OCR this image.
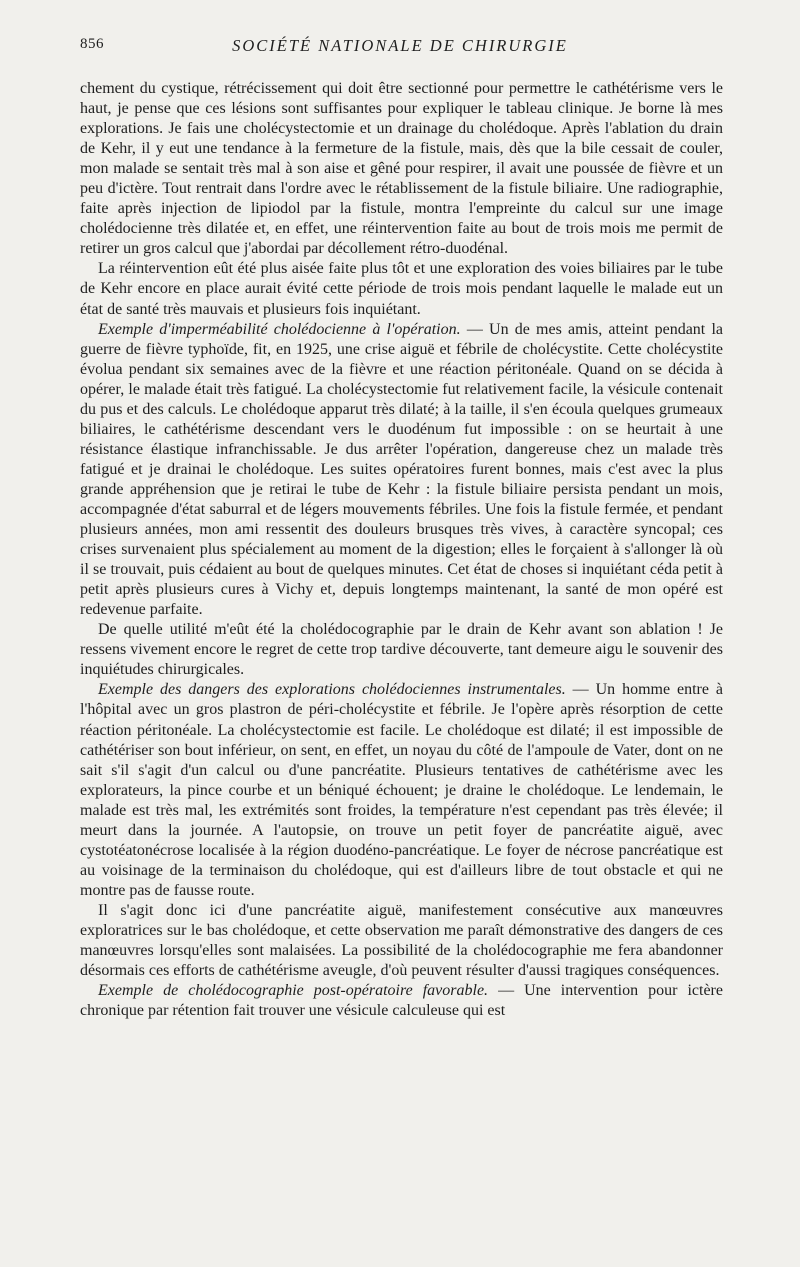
856	SOCIÉTÉ NATIONALE DE CHIRURGIE

chement du cystique, rétrécissement qui doit être sectionné pour permettre le cathétérisme vers le haut, je pense que ces lésions sont suffisantes pour expliquer le tableau clinique. Je borne là mes explorations. Je fais une cholécystectomie et un drainage du cholédoque. Après l'ablation du drain de Kehr, il y eut une tendance à la fermeture de la fistule, mais, dès que la bile cessait de couler, mon malade se sentait très mal à son aise et gêné pour respirer, il avait une poussée de fièvre et un peu d'ictère. Tout rentrait dans l'ordre avec le rétablissement de la fistule biliaire. Une radiographie, faite après injection de lipiodol par la fistule, montra l'empreinte du calcul sur une image cholédocienne très dilatée et, en effet, une réintervention faite au bout de trois mois me permit de retirer un gros calcul que j'abordai par décollement rétro-duodénal.

La réintervention eût été plus aisée faite plus tôt et une exploration des voies biliaires par le tube de Kehr encore en place aurait évité cette période de trois mois pendant laquelle le malade eut un état de santé très mauvais et plusieurs fois inquiétant.

Exemple d'imperméabilité cholédocienne à l'opération. — Un de mes amis, atteint pendant la guerre de fièvre typhoïde, fit, en 1925, une crise aiguë et fébrile de cholécystite. Cette cholécystite évolua pendant six semaines avec de la fièvre et une réaction péritonéale. Quand on se décida à opérer, le malade était très fatigué. La cholécystectomie fut relativement facile, la vésicule contenait du pus et des calculs. Le cholédoque apparut très dilaté; à la taille, il s'en écoula quelques grumeaux biliaires, le cathétérisme descendant vers le duodénum fut impossible : on se heurtait à une résistance élastique infranchissable. Je dus arrêter l'opération, dangereuse chez un malade très fatigué et je drainai le cholédoque. Les suites opératoires furent bonnes, mais c'est avec la plus grande appréhension que je retirai le tube de Kehr : la fistule biliaire persista pendant un mois, accompagnée d'état saburral et de légers mouvements fébriles. Une fois la fistule fermée, et pendant plusieurs années, mon ami ressentit des douleurs brusques très vives, à caractère syncopal; ces crises survenaient plus spécialement au moment de la digestion; elles le forçaient à s'allonger là où il se trouvait, puis cédaient au bout de quelques minutes. Cet état de choses si inquiétant céda petit à petit après plusieurs cures à Vichy et, depuis longtemps maintenant, la santé de mon opéré est redevenue parfaite.

De quelle utilité m'eût été la cholédocographie par le drain de Kehr avant son ablation ! Je ressens vivement encore le regret de cette trop tardive découverte, tant demeure aigu le souvenir des inquiétudes chirurgicales.

Exemple des dangers des explorations cholédociennes instrumentales. — Un homme entre à l'hôpital avec un gros plastron de péri-cholécystite et fébrile. Je l'opère après résorption de cette réaction péritonéale. La cholécystectomie est facile. Le cholédoque est dilaté; il est impossible de cathétériser son bout inférieur, on sent, en effet, un noyau du côté de l'ampoule de Vater, dont on ne sait s'il s'agit d'un calcul ou d'une pancréatite. Plusieurs tentatives de cathétérisme avec les explorateurs, la pince courbe et un béniqué échouent; je draine le cholédoque. Le lendemain, le malade est très mal, les extrémités sont froides, la température n'est cependant pas très élevée; il meurt dans la journée. A l'autopsie, on trouve un petit foyer de pancréatite aiguë, avec cystotéatonécrose localisée à la région duodéno-pancréatique. Le foyer de nécrose pancréatique est au voisinage de la terminaison du cholédoque, qui est d'ailleurs libre de tout obstacle et qui ne montre pas de fausse route.

Il s'agit donc ici d'une pancréatite aiguë, manifestement consécutive aux manœuvres exploratrices sur le bas cholédoque, et cette observation me paraît démonstrative des dangers de ces manœuvres lorsqu'elles sont malaisées. La possibilité de la cholédocographie me fera abandonner désormais ces efforts de cathétérisme aveugle, d'où peuvent résulter d'aussi tragiques conséquences.

Exemple de cholédocographie post-opératoire favorable. — Une intervention pour ictère chronique par rétention fait trouver une vésicule calculeuse qui est
